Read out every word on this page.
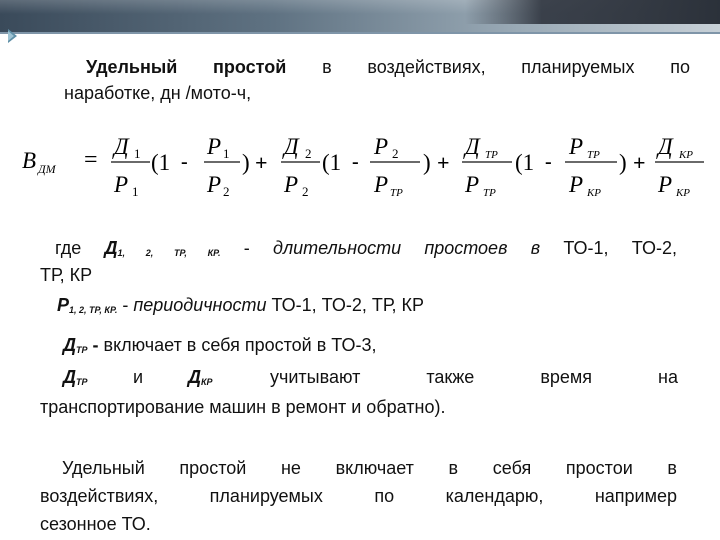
Удельный простой в воздействиях, планируемых по

наработке, дн /мото-ч,

В ДМ =
Д 1
Р 1
(1 -
Р 1
Р 2
) +
Д 2
Р 2
(1 -
Р 2
Р ТР
) +
Д ТР
Р ТР
(1 -
Р ТР
Р КР
) +
Д КР
Р КР

где $Д_{1, 2, ТР, КР.}$ - длительности простоев в ТО-1, ТО-2,

ТР, КР

$Р_{1, 2, ТР, КР.}$ - периодичности ТО-1, ТО-2, ТР, КР

$Д_{ТР}$ - включает в себя простой в ТО-3,

$Д_{ТР}$	и $Д_{КР}$	учитывают также время на

транспортирование машин в ремонт и обратно).

Удельный простой не включает в себя простои в

воздействиях, планируемых по календарю, например

сезонное ТО.
